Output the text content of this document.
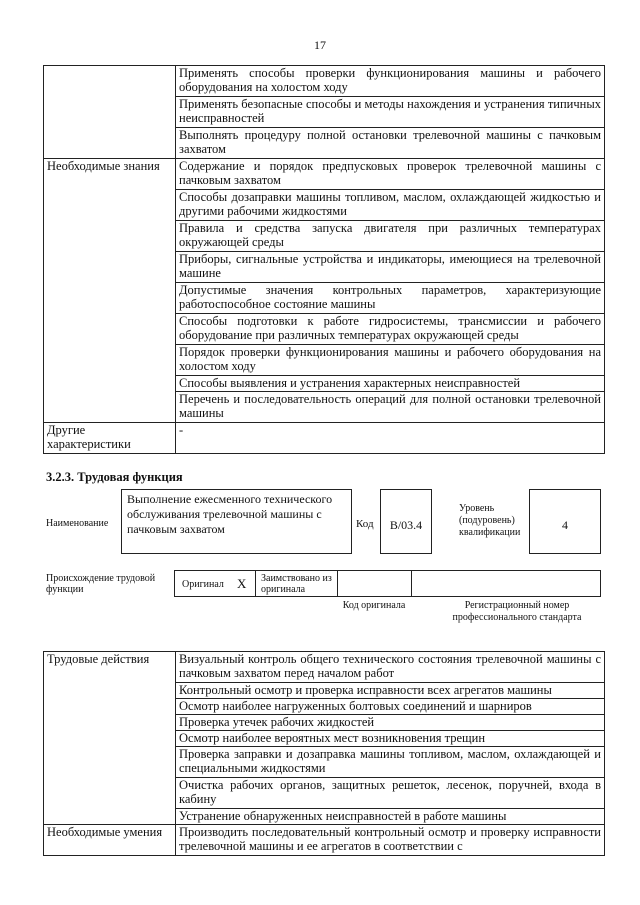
17
	Применять способы проверки функционирования машины и рабочего оборудования на холостом ходу
	Применять безопасные способы и методы нахождения и устранения типичных неисправностей
	Выполнять процедуру полной остановки трелевочной машины с пачковым захватом
Необходимые знания	Содержание и порядок предпусковых проверок трелевочной машины с пачковым захватом
	Способы дозаправки машины топливом, маслом, охлаждающей жидкостью и другими рабочими жидкостями
	Правила и средства запуска двигателя при различных температурах окружающей среды
	Приборы, сигнальные устройства и индикаторы, имеющиеся на трелевочной машине
	Допустимые значения контрольных параметров, характеризующие работоспособное состояние машины
	Способы подготовки к работе гидросистемы, трансмиссии и рабочего оборудование при различных температурах окружающей среды
	Порядок проверки функционирования машины и рабочего оборудования на холостом ходу
	Способы выявления и устранения характерных неисправностей
	Перечень и последовательность операций для полной остановки трелевочной машины
Другие характеристики	-
3.2.3. Трудовая функция
Наименование
Выполнение ежесменного технического обслуживания трелевочной машины с пачковым захватом	Код	B/03.4
Уровень (подуровень) квалификации
4
Происхождение трудовой функции	Оригинал X Заимствовано из оригинала
Код оригинала	Регистрационный номер профессионального стандарта
Трудовые действия	Визуальный контроль общего технического состояния трелевочной машины с пачковым захватом перед началом работ
	Контрольный осмотр и проверка исправности всех агрегатов машины
	Осмотр наиболее нагруженных болтовых соединений и шарниров
	Проверка утечек рабочих жидкостей
	Осмотр наиболее вероятных мест возникновения трещин
	Проверка заправки и дозаправка машины топливом, маслом, охлаждающей и специальными жидкостями
	Очистка рабочих органов, защитных решеток, лесенок, поручней, входа в кабину
	Устранение обнаруженных неисправностей в работе машины
Необходимые умения	Производить последовательный контрольный осмотр и проверку исправности трелевочной машины и ее агрегатов в соответствии с
